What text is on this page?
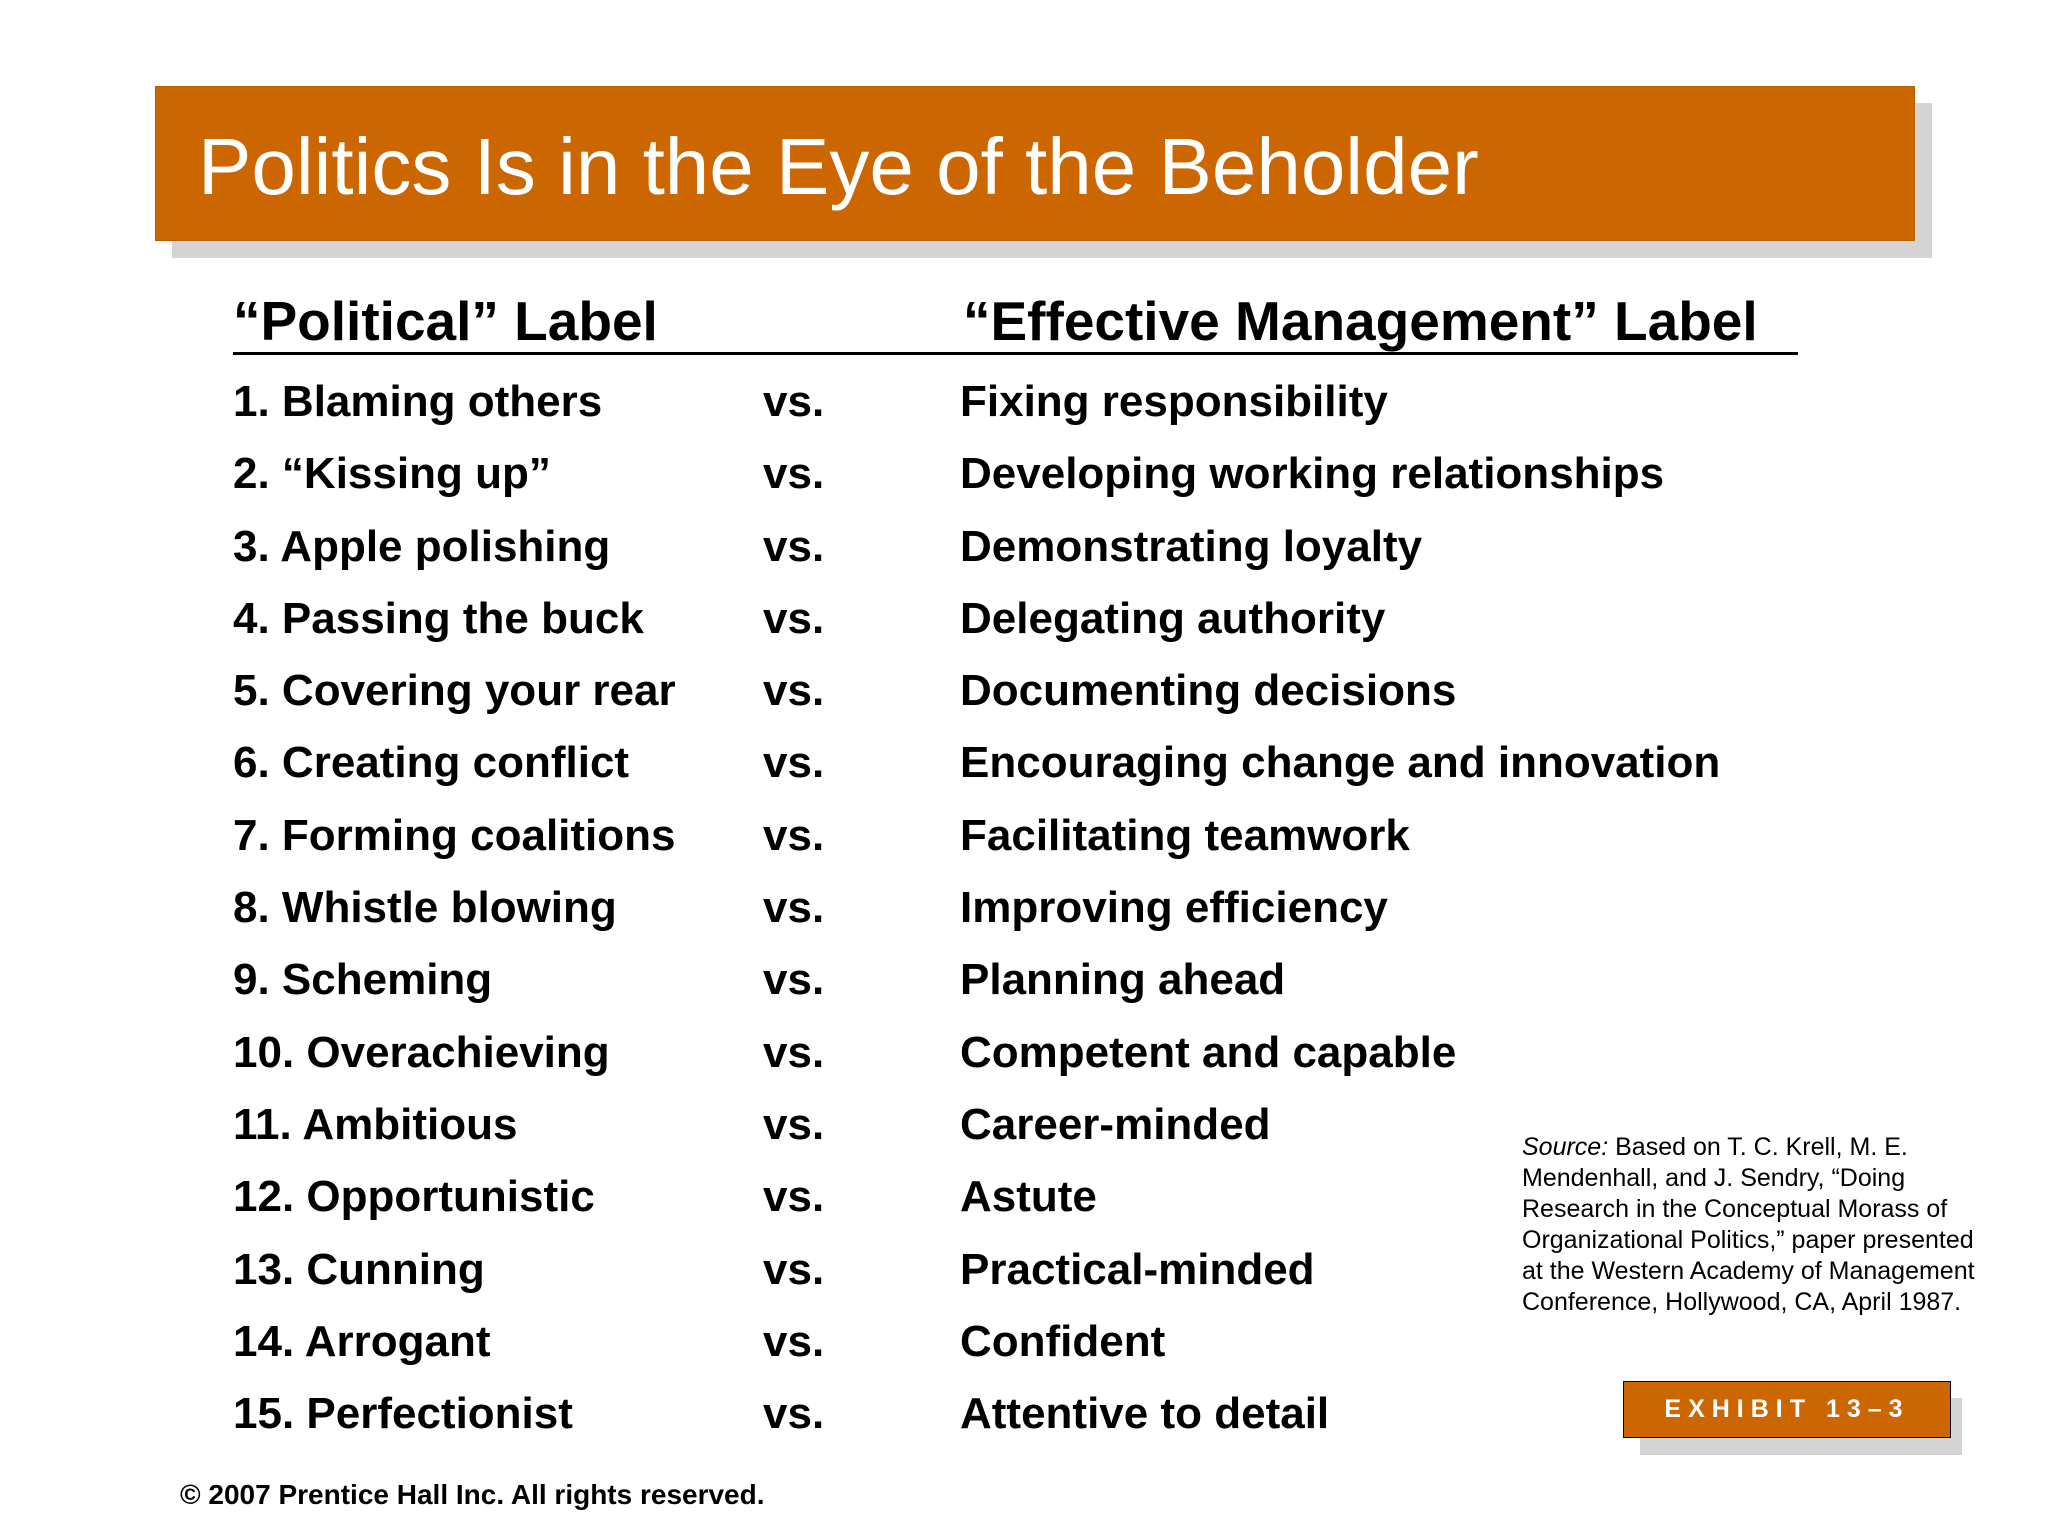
Politics Is in the Eye of the Beholder
“Political” Label	“Effective Management” Label
1. Blaming others	vs.	Fixing responsibility
2. “Kissing up”	vs.	Developing working relationships
3. Apple polishing	vs.	Demonstrating loyalty
4. Passing the buck	vs.	Delegating authority
5. Covering your rear vs.	Documenting decisions
6. Creating conflict	vs.	Encouraging change and innovation
7. Forming coalitions vs.	Facilitating teamwork
8. Whistle blowing	vs.	Improving efficiency
9. Scheming	vs.	Planning ahead
10. Overachieving	vs.	Competent and capable
11. Ambitious	vs.	Career-minded
12. Opportunistic	vs.	Astute
13. Cunning	vs.	Practical-minded
14. Arrogant	vs.	Confident
15. Perfectionist	vs.	Attentive to detail
Source: Based on T. C. Krell, M. E. Mendenhall, and J. Sendry, “Doing Research in the Conceptual Morass of Organizational Politics,” paper presented at the Western Academy of Management Conference, Hollywood, CA, April 1987.
EXHIBIT 13–3
© 2007 Prentice Hall Inc. All rights reserved.
